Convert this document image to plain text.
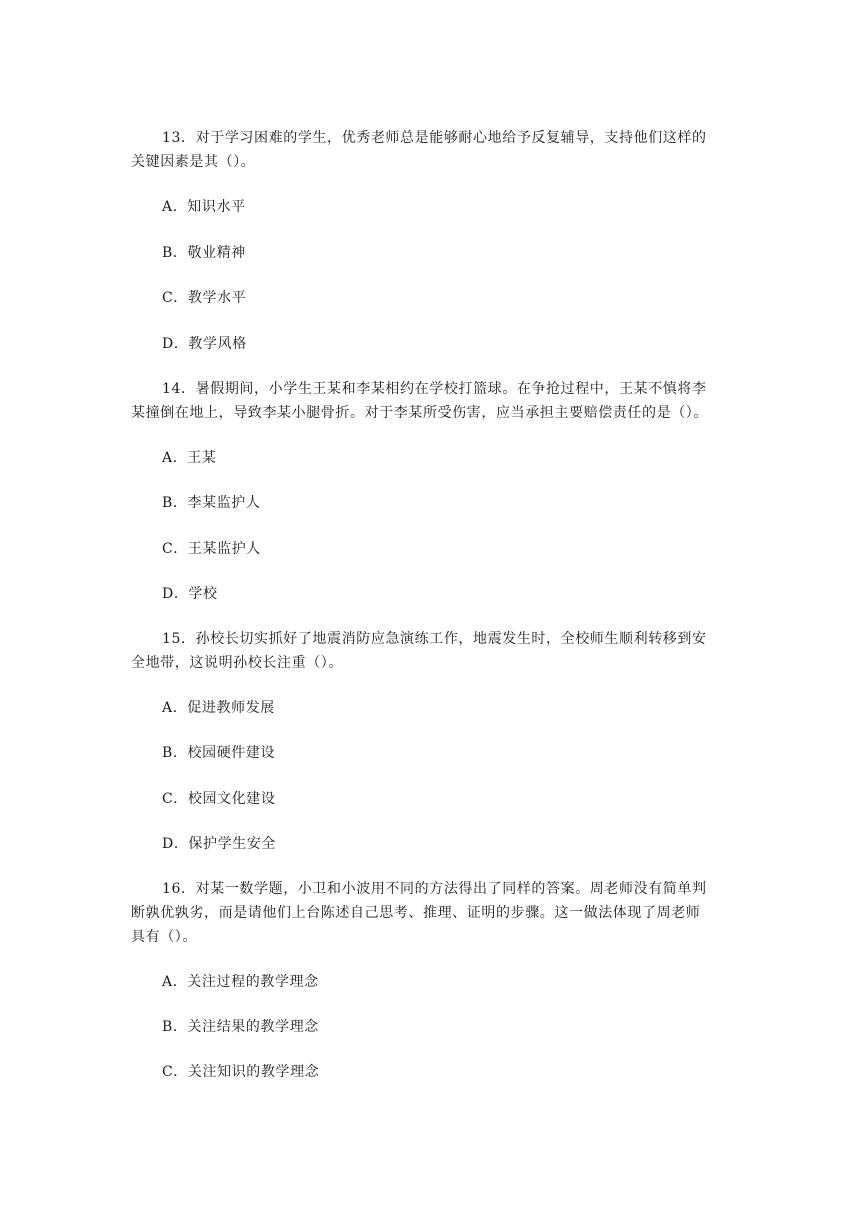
13．对于学习困难的学生，优秀老师总是能够耐心地给予反复辅导，支持他们这样的
关键因素是其（）。
A．知识水平
B．敬业精神
C．教学水平
D．教学风格
14．暑假期间，小学生王某和李某相约在学校打篮球。在争抢过程中，王某不慎将李
某撞倒在地上，导致李某小腿骨折。对于李某所受伤害，应当承担主要赔偿责任的是（）。
A．王某
B．李某监护人
C．王某监护人
D．学校
15．孙校长切实抓好了地震消防应急演练工作，地震发生时，全校师生顺利转移到安
全地带，这说明孙校长注重（）。
A．促进教师发展
B．校园硬件建设
C．校园文化建设
D．保护学生安全
16．对某一数学题，小卫和小波用不同的方法得出了同样的答案。周老师没有简单判
断孰优孰劣，而是请他们上台陈述自己思考、推理、证明的步骤。这一做法体现了周老师
具有（）。
A．关注过程的教学理念
B．关注结果的教学理念
C．关注知识的教学理念
